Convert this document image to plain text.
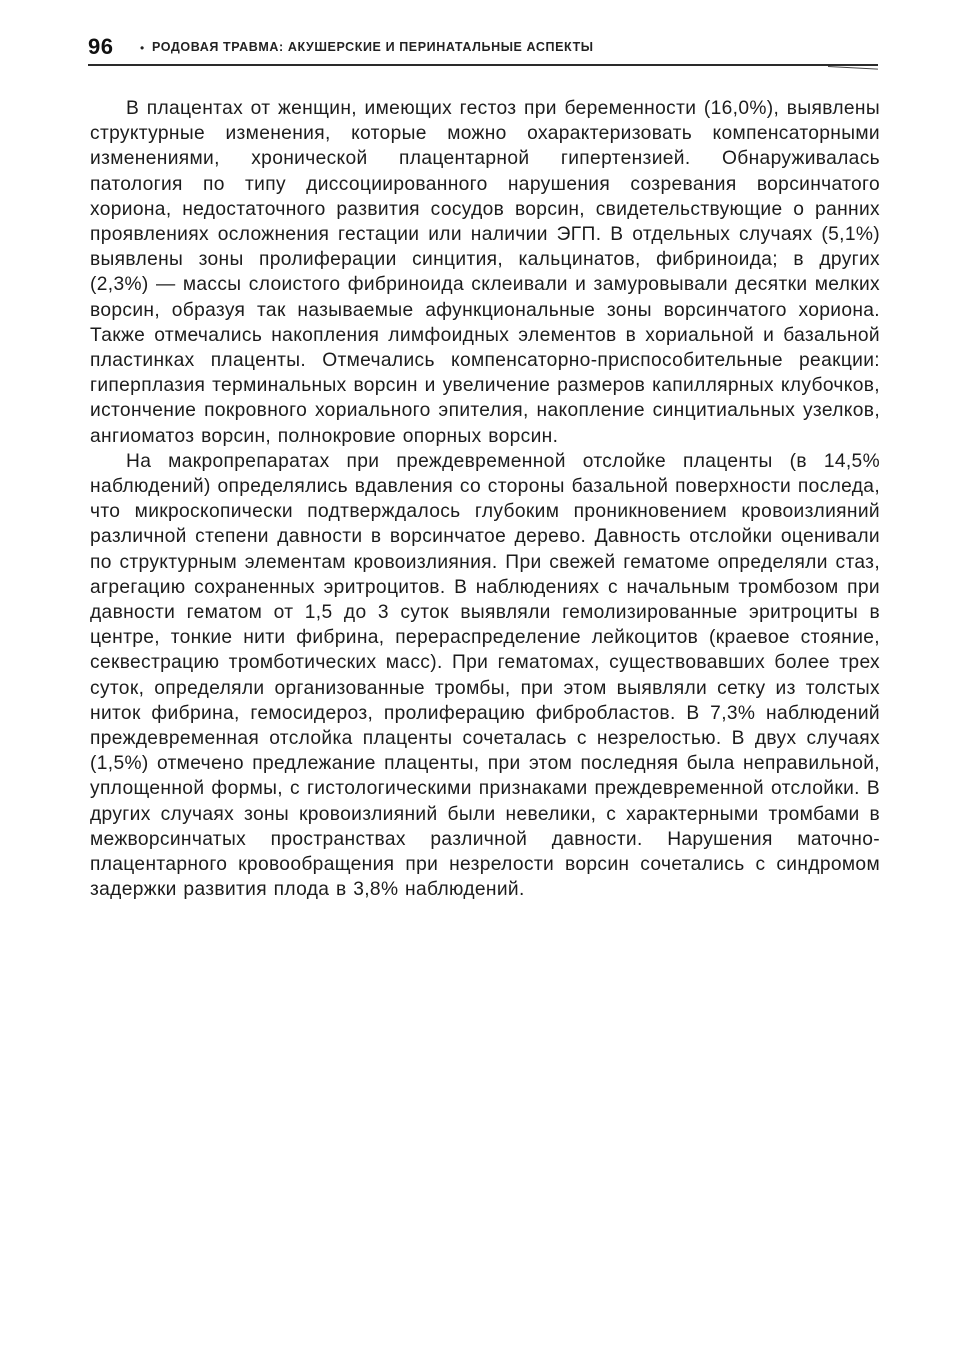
96 • РОДОВАЯ ТРАВМА: АКУШЕРСКИЕ И ПЕРИНАТАЛЬНЫЕ АСПЕКТЫ

В плацентах от женщин, имеющих гестоз при беременности (16,0%), выявлены структурные изменения, которые можно охарактеризовать компенсаторными изменениями, хронической плацентарной гипертензией. Обнаруживалась патология по типу диссоциированного нарушения созревания ворсинчатого хориона, недостаточного развития сосудов ворсин, свидетельствующие о ранних проявлениях осложнения гестации или наличии ЭГП. В отдельных случаях (5,1%) выявлены зоны пролиферации синцития, кальцинатов, фибриноида; в других (2,3%) — массы слоистого фибриноида склеивали и замуровывали десятки мелких ворсин, образуя так называемые афункциональные зоны ворсинчатого хориона. Также отмечались накопления лимфоидных элементов в хориальной и базальной пластинках плаценты. Отмечались компенсаторно-приспособительные реакции: гиперплазия терминальных ворсин и увеличение размеров капиллярных клубочков, истончение покровного хориального эпителия, накопление синцитиальных узелков, ангиоматоз ворсин, полнокровие опорных ворсин.

На макропрепаратах при преждевременной отслойке плаценты (в 14,5% наблюдений) определялись вдавления со стороны базальной поверхности последа, что микроскопически подтверждалось глубоким проникновением кровоизлияний различной степени давности в ворсинчатое дерево. Давность отслойки оценивали по структурным элементам кровоизлияния. При свежей гематоме определяли стаз, агрегацию сохраненных эритроцитов. В наблюдениях с начальным тромбозом при давности гематом от 1,5 до 3 суток выявляли гемолизированные эритроциты в центре, тонкие нити фибрина, перераспределение лейкоцитов (краевое стояние, секвестрацию тромботических масс). При гематомах, существовавших более трех суток, определяли организованные тромбы, при этом выявляли сетку из толстых ниток фибрина, гемосидероз, пролиферацию фибробластов. В 7,3% наблюдений преждевременная отслойка плаценты сочеталась с незрелостью. В двух случаях (1,5%) отмечено предлежание плаценты, при этом последняя была неправильной, уплощенной формы, с гистологическими признаками преждевременной отслойки. В других случаях зоны кровоизлияний были невелики, с характерными тромбами в межворсинчатых пространствах различной давности. Нарушения маточно-плацентарного кровообращения при незрелости ворсин сочетались с синдромом задержки развития плода в 3,8% наблюдений.
